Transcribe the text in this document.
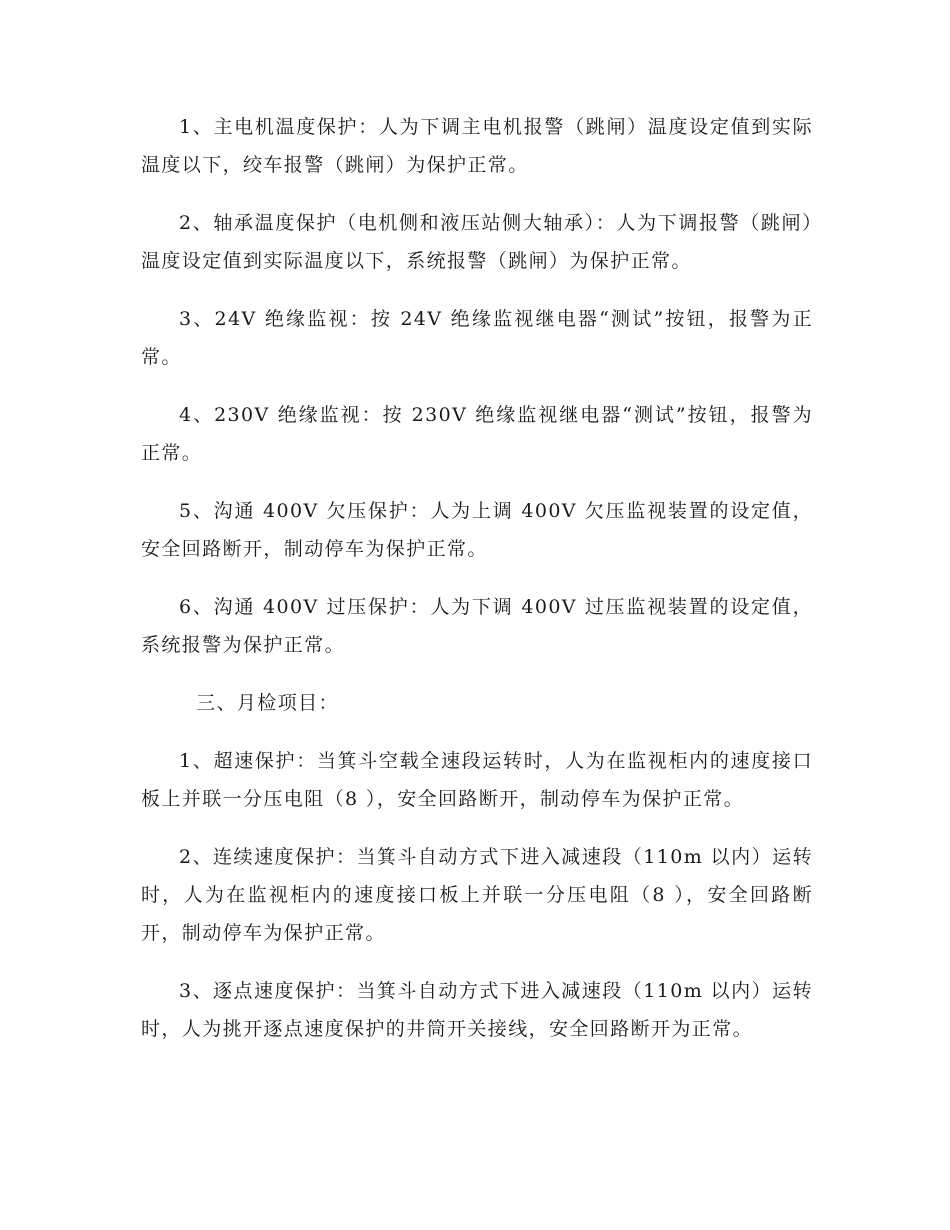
1、主电机温度保护：人为下调主电机报警（跳闸）温度设定值到实际温度以下，绞车报警（跳闸）为保护正常。

2、轴承温度保护（电机侧和液压站侧大轴承）：人为下调报警（跳闸）温度设定值到实际温度以下，系统报警（跳闸）为保护正常。

3、24V 绝缘监视：按 24V 绝缘监视继电器“测试”按钮，报警为正常。

4、230V 绝缘监视：按 230V 绝缘监视继电器“测试”按钮，报警为正常。

5、沟通 400V 欠压保护：人为上调 400V 欠压监视装置的设定值，安全回路断开，制动停车为保护正常。

6、沟通 400V 过压保护：人为下调 400V 过压监视装置的设定值，系统报警为保护正常。

三、月检项目：

1、超速保护：当箕斗空载全速段运转时，人为在监视柜内的速度接口板上并联一分压电阻（8 ），安全回路断开，制动停车为保护正常。

2、连续速度保护：当箕斗自动方式下进入减速段（110m 以内）运转时，人为在监视柜内的速度接口板上并联一分压电阻（8 ），安全回路断开，制动停车为保护正常。

3、逐点速度保护：当箕斗自动方式下进入减速段（110m 以内）运转时，人为挑开逐点速度保护的井筒开关接线，安全回路断开为正常。
